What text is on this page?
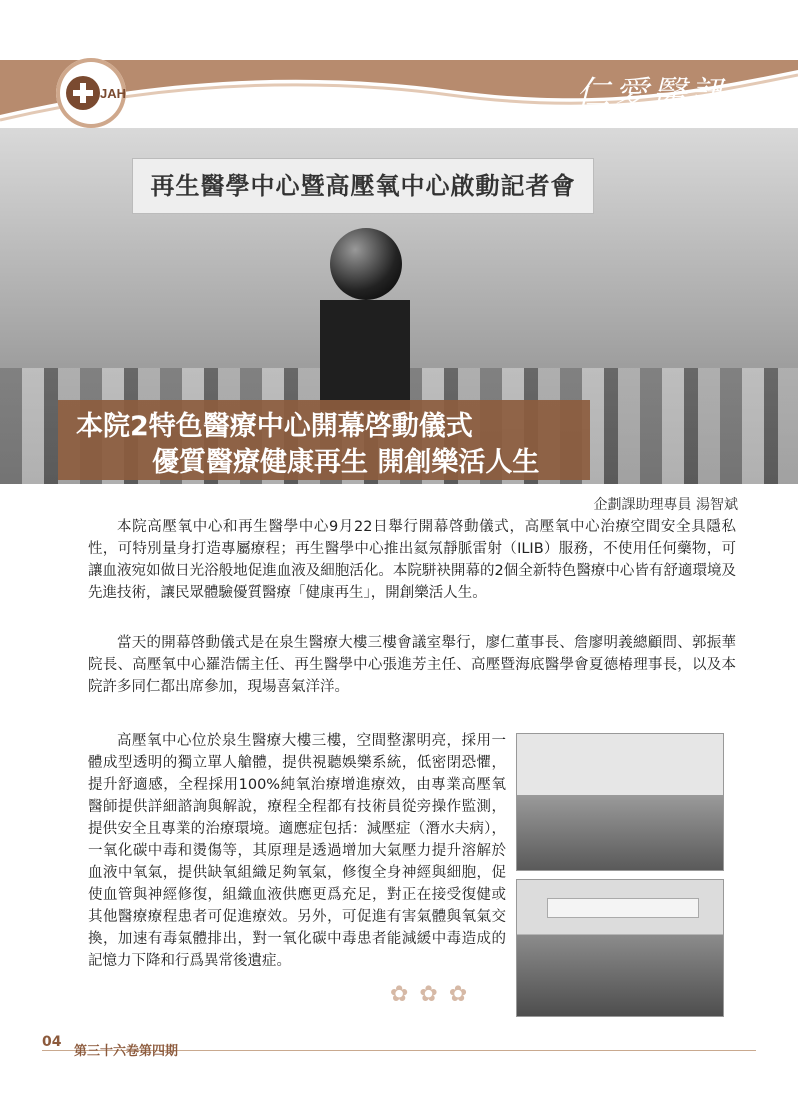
JAH	仁愛醫訊
再生醫學中心暨高壓氧中心啟動記者會
本院2特色醫療中心開幕啓動儀式
優質醫療健康再生 開創樂活人生
企劃課助理專員 湯智斌

本院高壓氧中心和再生醫學中心9月22日舉行開幕啓動儀式，高壓氧中心治療空間安全具隱私性，可特別量身打造專屬療程；再生醫學中心推出氦氖靜脈雷射（ILIB）服務，不使用任何藥物，可讓血液宛如做日光浴般地促進血液及細胞活化。本院駢袂開幕的2個全新特色醫療中心皆有舒適環境及先進技術，讓民眾體驗優質醫療「健康再生」，開創樂活人生。

當天的開幕啓動儀式是在泉生醫療大樓三樓會議室舉行，廖仁董事長、詹廖明義總顧問、郭振華院長、高壓氧中心羅浩儒主任、再生醫學中心張進芳主任、高壓暨海底醫學會夏德椿理事長，以及本院許多同仁都出席參加，現場喜氣洋洋。

高壓氧中心位於泉生醫療大樓三樓，空間整潔明亮，採用一體成型透明的獨立單人艙體，提供視聽娛樂系統，低密閉恐懼，提升舒適感，全程採用100%純氧治療增進療效，由專業高壓氧醫師提供詳細諮詢與解說，療程全程都有技術員從旁操作監測，提供安全且專業的治療環境。適應症包括：減壓症（潛水夫病），一氧化碳中毒和燙傷等，其原理是透過增加大氣壓力提升溶解於血液中氧氣，提供缺氧組織足夠氧氣，修復全身神經與細胞，促使血管與神經修復，組織血液供應更爲充足，對正在接受復健或其他醫療療程患者可促進療效。另外，可促進有害氣體與氧氣交換，加速有毒氣體排出，對一氧化碳中毒患者能減緩中毒造成的記憶力下降和行爲異常後遺症。

✿ ✿ ✿
04
第三十六卷第四期
